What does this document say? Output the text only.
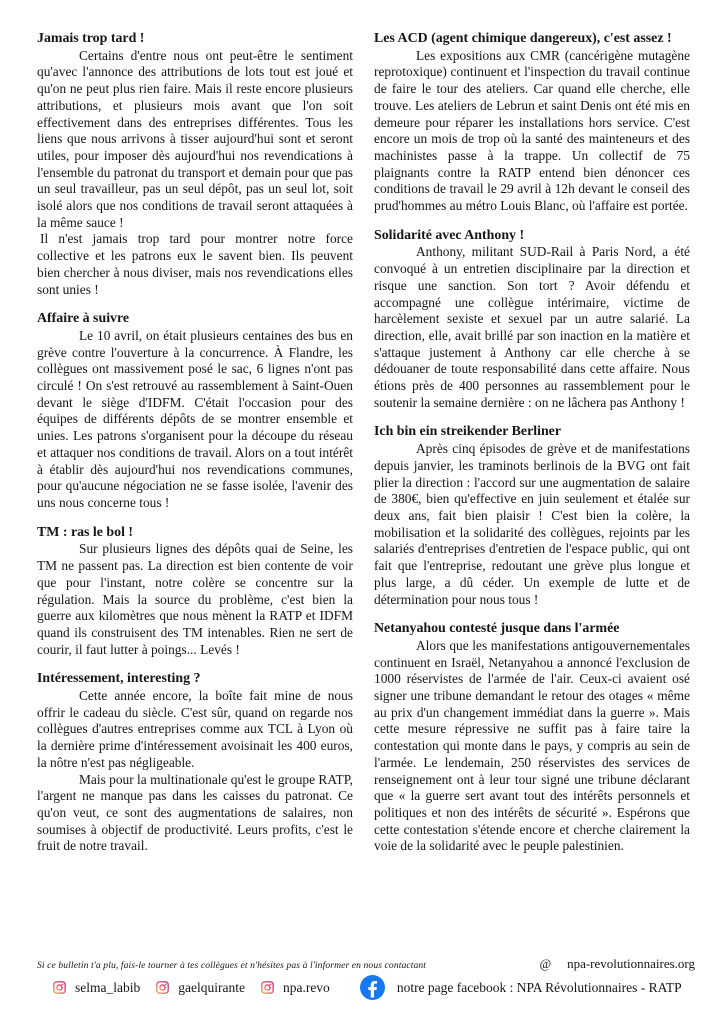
Jamais trop tard !

Certains d'entre nous ont peut-être le sentiment qu'avec l'annonce des attributions de lots tout est joué et qu'on ne peut plus rien faire. Mais il reste encore plusieurs attributions, et plusieurs mois avant que l'on soit effectivement dans des entreprises différentes. Tous les liens que nous arrivons à tisser aujourd'hui sont et seront utiles, pour imposer dès aujourd'hui nos revendications à l'ensemble du patronat du transport et demain pour que pas un seul travailleur, pas un seul dépôt, pas un seul lot, soit isolé alors que nos conditions de travail seront attaquées à la même sauce !

Il n'est jamais trop tard pour montrer notre force collective et les patrons eux le savent bien. Ils peuvent bien chercher à nous diviser, mais nos revendications elles sont unies !

Affaire à suivre

Le 10 avril, on était plusieurs centaines des bus en grève contre l'ouverture à la concurrence. À Flandre, les collègues ont massivement posé le sac, 6 lignes n'ont pas circulé ! On s'est retrouvé au rassemblement à Saint-Ouen devant le siège d'IDFM. C'était l'occasion pour des équipes de différents dépôts de se montrer ensemble et unies. Les patrons s'organisent pour la découpe du réseau et attaquer nos conditions de travail. Alors on a tout intérêt à établir dès aujourd'hui nos revendications communes, pour qu'aucune négociation ne se fasse isolée, l'avenir des uns nous concerne tous !

TM : ras le bol !

Sur plusieurs lignes des dépôts quai de Seine, les TM ne passent pas. La direction est bien contente de voir que pour l'instant, notre colère se concentre sur la régulation. Mais la source du problème, c'est bien la guerre aux kilomètres que nous mènent la RATP et IDFM quand ils construisent des TM intenables. Rien ne sert de courir, il faut lutter à poings... Levés !

Intéressement, interesting ?

Cette année encore, la boîte fait mine de nous offrir le cadeau du siècle. C'est sûr, quand on regarde nos collègues d'autres entreprises comme aux TCL à Lyon où la dernière prime d'intéressement avoisinait les 400 euros, la nôtre n'est pas négligeable.

Mais pour la multinationale qu'est le groupe RATP, l'argent ne manque pas dans les caisses du patronat. Ce qu'on veut, ce sont des augmentations de salaires, non soumises à objectif de productivité. Leurs profits, c'est le fruit de notre travail.

Les ACD (agent chimique dangereux), c'est assez !

Les expositions aux CMR (cancérigène mutagène reprotoxique) continuent et l'inspection du travail continue de faire le tour des ateliers. Car quand elle cherche, elle trouve. Les ateliers de Lebrun et saint Denis ont été mis en demeure pour réparer les installations hors service. C'est encore un mois de trop où la santé des mainteneurs et des machinistes passe à la trappe. Un collectif de 75 plaignants contre la RATP entend bien dénoncer ces conditions de travail le 29 avril à 12h devant le conseil des prud'hommes au métro Louis Blanc, où l'affaire est portée.

Solidarité avec Anthony !

Anthony, militant SUD-Rail à Paris Nord, a été convoqué à un entretien disciplinaire par la direction et risque une sanction. Son tort ? Avoir défendu et accompagné une collègue intérimaire, victime de harcèlement sexiste et sexuel par un autre salarié. La direction, elle, avait brillé par son inaction en la matière et s'attaque justement à Anthony car elle cherche à se dédouaner de toute responsabilité dans cette affaire. Nous étions près de 400 personnes au rassemblement pour le soutenir la semaine dernière : on ne lâchera pas Anthony !

Ich bin ein streikender Berliner

Après cinq épisodes de grève et de manifestations depuis janvier, les traminots berlinois de la BVG ont fait plier la direction : l'accord sur une augmentation de salaire de 380€, bien qu'effective en juin seulement et étalée sur deux ans, fait bien plaisir ! C'est bien la colère, la mobilisation et la solidarité des collègues, rejoints par les salariés d'entreprises d'entretien de l'espace public, qui ont fait que l'entreprise, redoutant une grève plus longue et plus large, a dû céder. Un exemple de lutte et de détermination pour nous tous !

Netanyahou contesté jusque dans l'armée

Alors que les manifestations antigouvernementales continuent en Israël, Netanyahou a annoncé l'exclusion de 1000 réservistes de l'armée de l'air. Ceux-ci avaient osé signer une tribune demandant le retour des otages « même au prix d'un changement immédiat dans la guerre ». Mais cette mesure répressive ne suffit pas à faire taire la contestation qui monte dans le pays, y compris au sein de l'armée. Le lendemain, 250 réservistes des services de renseignement ont à leur tour signé une tribune déclarant que « la guerre sert avant tout des intérêts personnels et politiques et non des intérêts de sécurité ». Espérons que cette contestation s'étende encore et cherche clairement la voie de la solidarité avec le peuple palestinien.

Si ce bulletin t'a plu, fais-le tourner à tes collègues et n'hésites pas à l'informer en nous contactant	@	npa-revolutionnaires.org
selma_labib	gaelquirante	npa.revo	notre page facebook : NPA Révolutionnaires - RATP
